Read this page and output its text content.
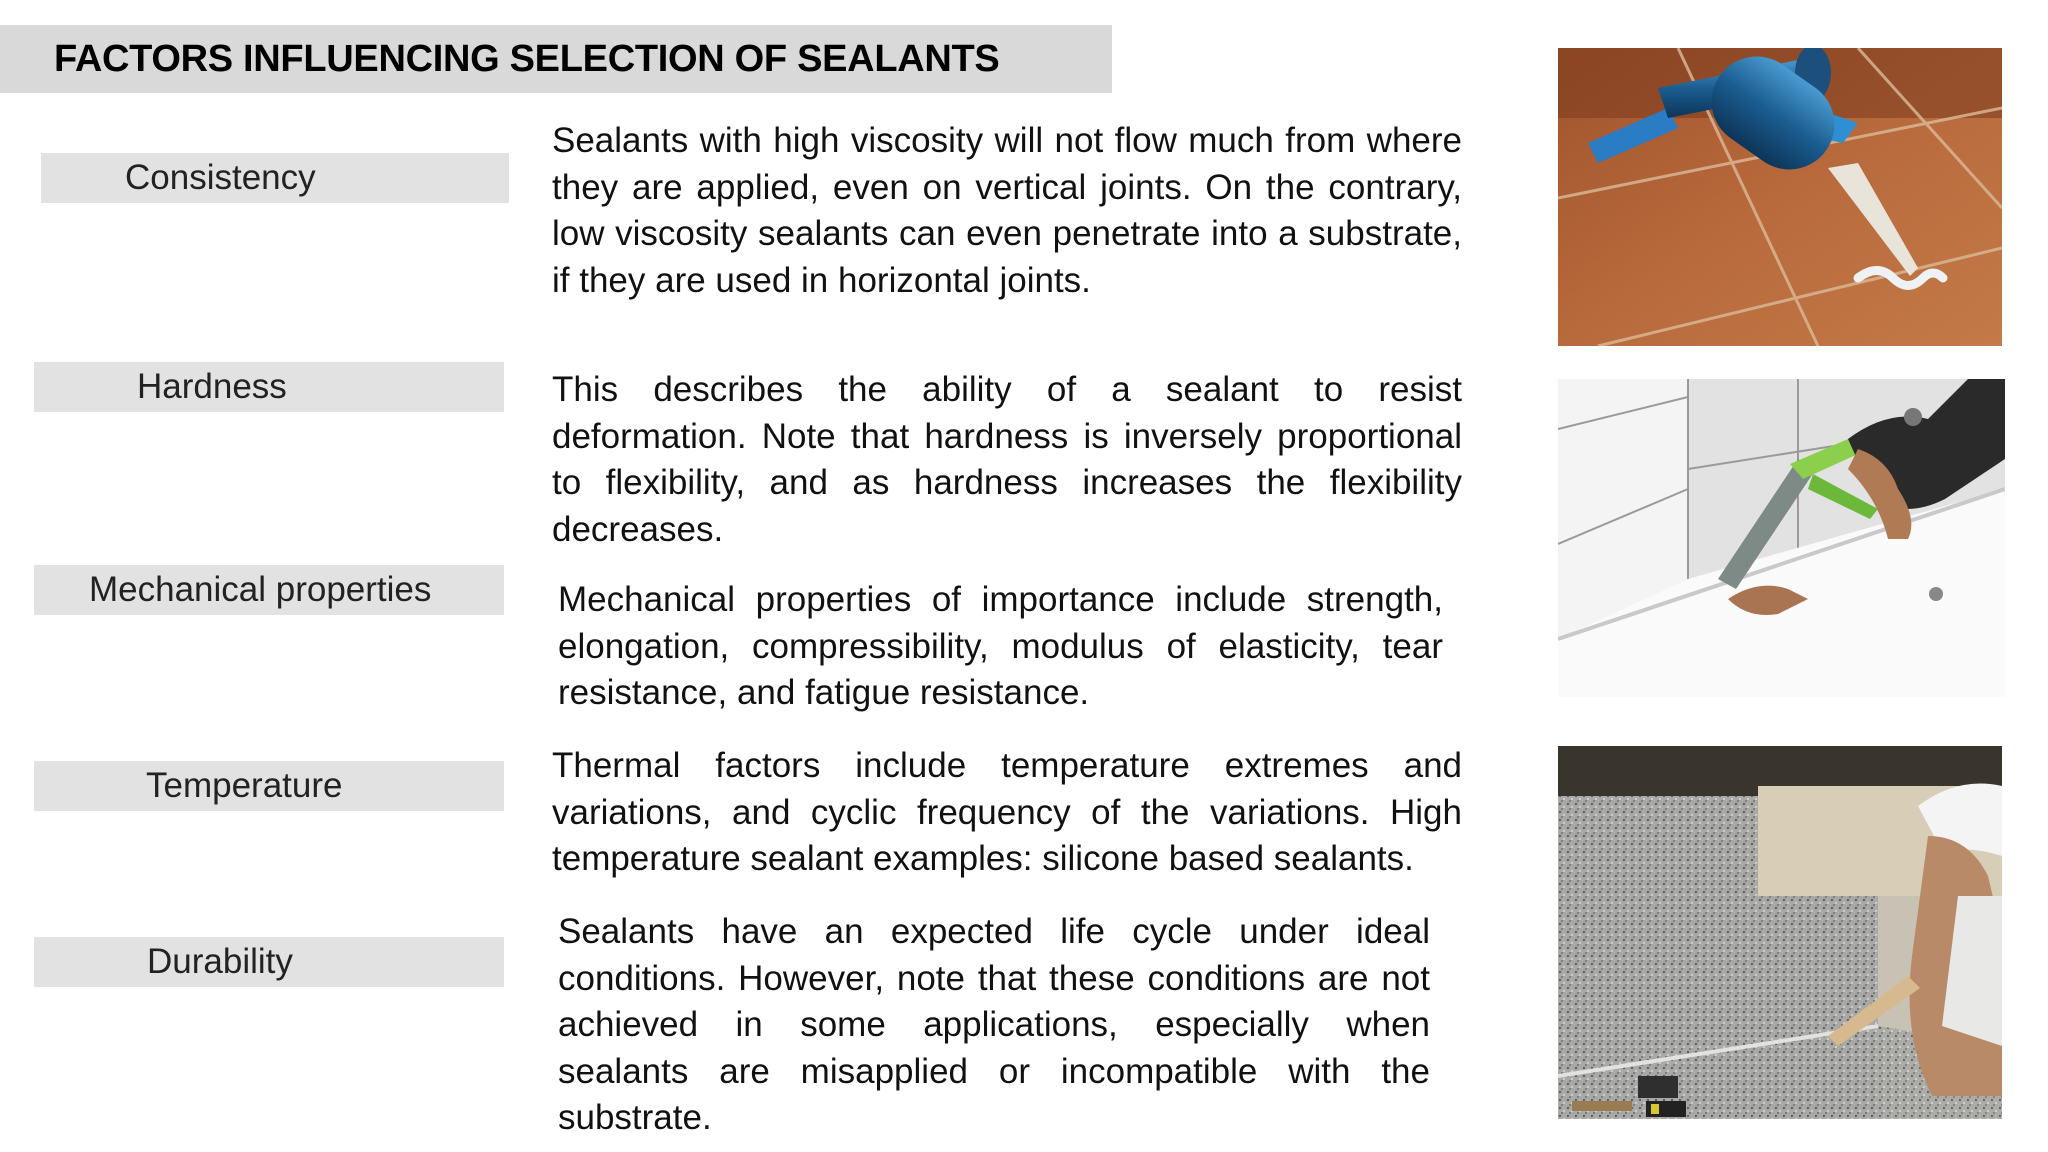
FACTORS INFLUENCING SELECTION OF SEALANTS
Consistency
Hardness
Mechanical properties
Temperature
Durability
Sealants with high viscosity will not flow much from where they are applied, even on vertical joints. On the contrary, low viscosity sealants can even penetrate into a substrate, if they are used in horizontal joints.
This describes the ability of a sealant to resist deformation. Note that hardness is inversely proportional to flexibility, and as hardness increases the flexibility decreases.
Mechanical properties of importance include strength, elongation, compressibility, modulus of elasticity, tear resistance, and fatigue resistance.
Thermal factors include temperature extremes and variations, and cyclic frequency of the variations. High temperature sealant examples: silicone based sealants.
Sealants have an expected life cycle under ideal conditions. However, note that these conditions are not achieved in some applications, especially when sealants are misapplied or incompatible with the substrate.
